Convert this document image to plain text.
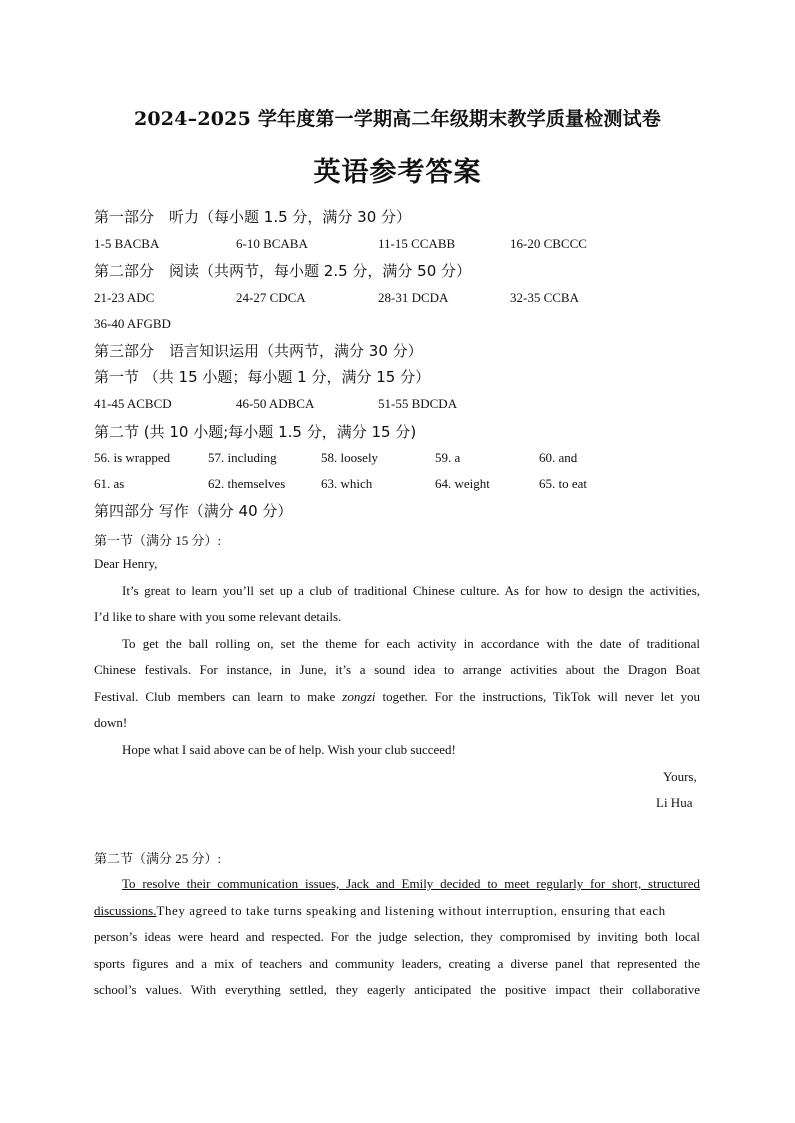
2024–2025 学年度第一学期高二年级期末教学质量检测试卷
英语参考答案
第一部分　听力（每小题 1.5 分，满分 30 分）
1-5 BACBA	6-10 BCABA	11-15 CCABB	16-20 CBCCC
第二部分　阅读（共两节，每小题 2.5 分，满分 50 分）
21-23 ADC	24-27 CDCA	28-31 DCDA	32-35 CCBA
36-40 AFGBD
第三部分　语言知识运用（共两节，满分 30 分）
第一节 （共 15 小题；每小题 1 分，满分 15 分）
41-45 ACBCD	46-50 ADBCA	51-55 BDCDA
第二节 (共 10 小题;每小题 1.5 分，满分 15 分)
56. is wrapped	57. including	58. loosely	59. a	60. and
61. as	62. themselves	63. which	64. weight	65. to eat
第四部分 写作（满分 40 分）
第一节（满分 15 分）:
Dear Henry,
It’s great to learn you’ll set up a club of traditional Chinese culture. As for how to design the activities,
I’d like to share with you some relevant details.
To get the ball rolling on, set the theme for each activity in accordance with the date of traditional
Chinese festivals. For instance, in June, it’s a sound idea to arrange activities about the Dragon Boat
Festival. Club members can learn to make zongzi together. For the instructions, TikTok will never let you
down!
Hope what I said above can be of help. Wish your club succeed!
Yours,
Li Hua
第二节（满分 25 分）:
To resolve their communication issues, Jack and Emily decided to meet regularly for short, structured
discussions.They agreed to take turns speaking and listening without interruption, ensuring that each
person’s ideas were heard and respected. For the judge selection, they compromised by inviting both local
sports figures and a mix of teachers and community leaders, creating a diverse panel that represented the
school’s values. With everything settled, they eagerly anticipated the positive impact their collaborative
